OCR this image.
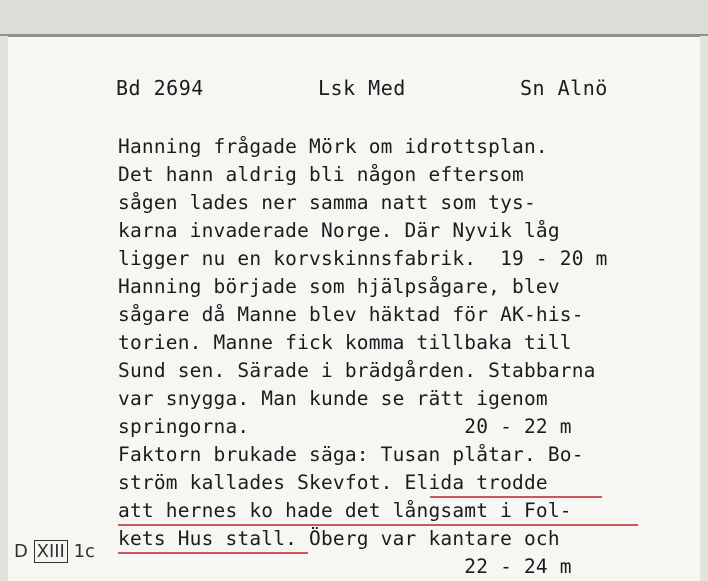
Bd 2694	Lsk Med	Sn Alnö
Hanning frågade Mörk om idrottsplan.
Det hann aldrig bli någon eftersom
sågen lades ner samma natt som tys-
karna invaderade Norge. Där Nyvik låg
ligger nu en korvskinnsfabrik.  19 - 20 m
Hanning började som hjälpsågare, blev
sågare då Manne blev häktad för AK-his-
torien. Manne fick komma tillbaka till
Sund sen. Särade i brädgården. Stabbarna
var snygga. Man kunde se rätt igenom
springorna.                  20 - 22 m
Faktorn brukade säga: Tusan plåtar. Bo-
ström kallades Skevfot. Elida trodde
att hernes ko hade det långsamt i Fol-
kets Hus stall. Öberg var kantare och
22 - 24 m
D XIII 1c
